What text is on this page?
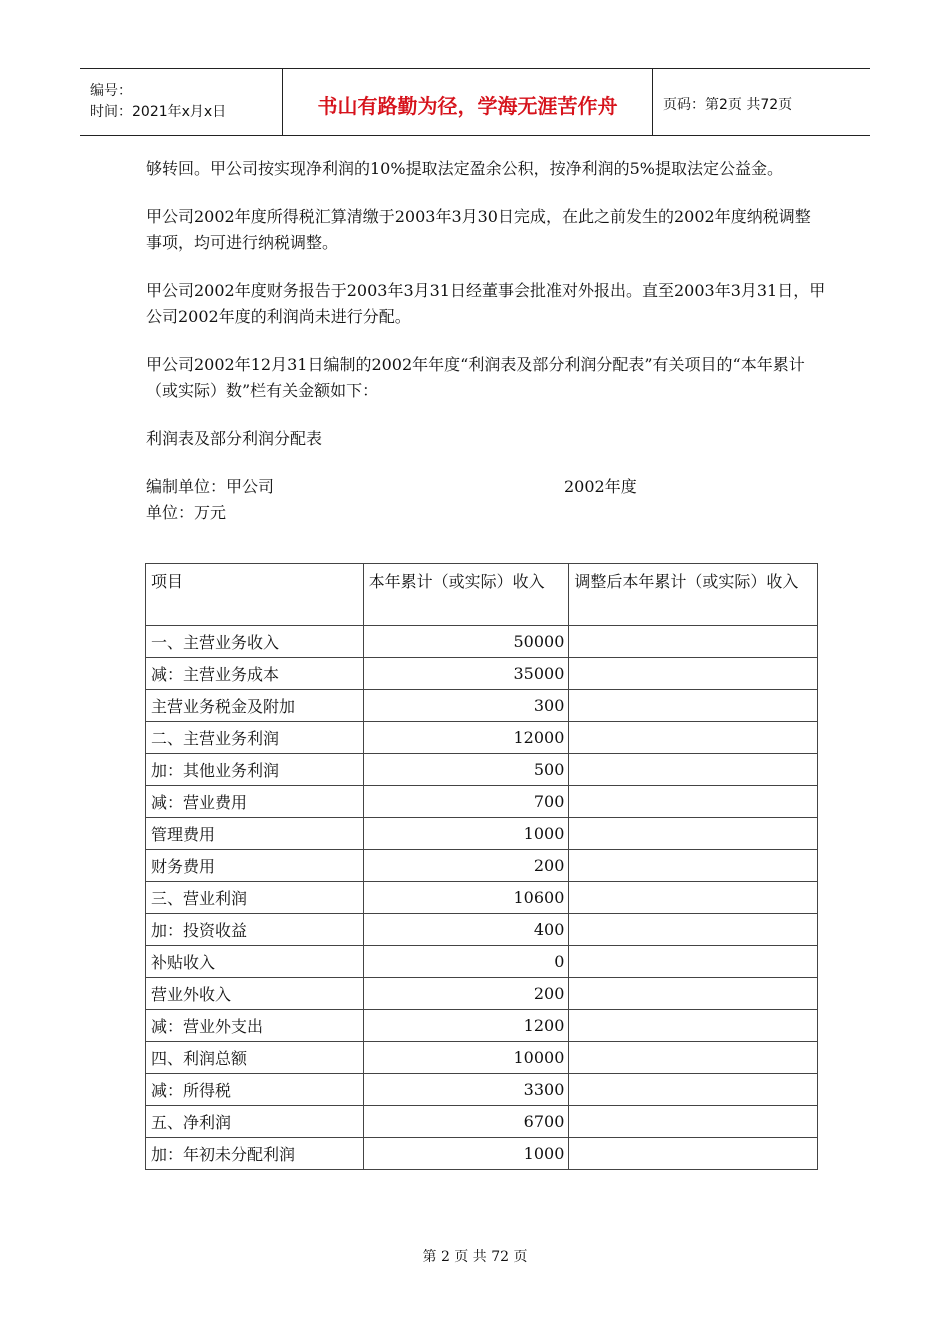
编号：
时间：2021年x月x日	书山有路勤为径，学海无涯苦作舟	页码：第2页 共72页

够转回。甲公司按实现净利润的10%提取法定盈余公积，按净利润的5%提取法定公益金。

甲公司2002年度所得税汇算清缴于2003年3月30日完成，在此之前发生的2002年度纳税调整事项，均可进行纳税调整。

甲公司2002年度财务报告于2003年3月31日经董事会批准对外报出。直至2003年3月31日，甲公司2002年度的利润尚未进行分配。

甲公司2002年12月31日编制的2002年年度“利润表及部分利润分配表”有关项目的“本年累计（或实际）数”栏有关金额如下：

利润表及部分利润分配表

编制单位：甲公司	2002年度
单位：万元
项目	本年累计（或实际）收入	调整后本年累计（或实际）收入
一、主营业务收入	50000	
减：主营业务成本	35000	
主营业务税金及附加	300	
二、主营业务利润	12000	
加：其他业务利润	500	
减：营业费用	700	
管理费用	1000	
财务费用	200	
三、营业利润	10600	
加：投资收益	400	
补贴收入	0	
营业外收入	200	
减：营业外支出	1200	
四、利润总额	10000	
减：所得税	3300	
五、净利润	6700	
加：年初未分配利润	1000	
第 2 页 共 72 页
